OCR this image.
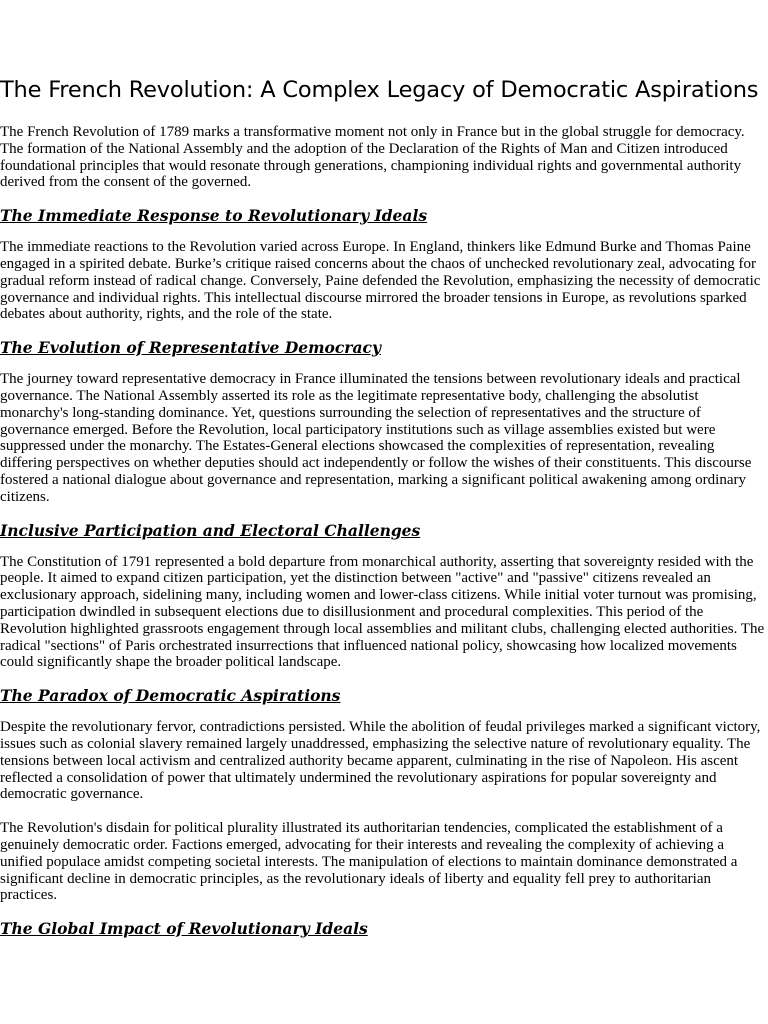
The French Revolution: A Complex Legacy of Democratic Aspirations

The French Revolution of 1789 marks a transformative moment not only in France but in the global struggle for democracy. The formation of the National Assembly and the adoption of the Declaration of the Rights of Man and Citizen introduced foundational principles that would resonate through generations, championing individual rights and governmental authority derived from the consent of the governed.

The Immediate Response to Revolutionary Ideals

The immediate reactions to the Revolution varied across Europe. In England, thinkers like Edmund Burke and Thomas Paine engaged in a spirited debate. Burke’s critique raised concerns about the chaos of unchecked revolutionary zeal, advocating for gradual reform instead of radical change. Conversely, Paine defended the Revolution, emphasizing the necessity of democratic governance and individual rights. This intellectual discourse mirrored the broader tensions in Europe, as revolutions sparked debates about authority, rights, and the role of the state.

The Evolution of Representative Democracy

The journey toward representative democracy in France illuminated the tensions between revolutionary ideals and practical governance. The National Assembly asserted its role as the legitimate representative body, challenging the absolutist monarchy's long-standing dominance. Yet, questions surrounding the selection of representatives and the structure of governance emerged. Before the Revolution, local participatory institutions such as village assemblies existed but were suppressed under the monarchy. The Estates-General elections showcased the complexities of representation, revealing differing perspectives on whether deputies should act independently or follow the wishes of their constituents. This discourse fostered a national dialogue about governance and representation, marking a significant political awakening among ordinary citizens.

Inclusive Participation and Electoral Challenges

The Constitution of 1791 represented a bold departure from monarchical authority, asserting that sovereignty resided with the people. It aimed to expand citizen participation, yet the distinction between "active" and "passive" citizens revealed an exclusionary approach, sidelining many, including women and lower-class citizens. While initial voter turnout was promising, participation dwindled in subsequent elections due to disillusionment and procedural complexities. This period of the Revolution highlighted grassroots engagement through local assemblies and militant clubs, challenging elected authorities. The radical "sections" of Paris orchestrated insurrections that influenced national policy, showcasing how localized movements could significantly shape the broader political landscape.

The Paradox of Democratic Aspirations

Despite the revolutionary fervor, contradictions persisted. While the abolition of feudal privileges marked a significant victory, issues such as colonial slavery remained largely unaddressed, emphasizing the selective nature of revolutionary equality. The tensions between local activism and centralized authority became apparent, culminating in the rise of Napoleon. His ascent reflected a consolidation of power that ultimately undermined the revolutionary aspirations for popular sovereignty and democratic governance.

The Revolution's disdain for political plurality illustrated its authoritarian tendencies, complicated the establishment of a genuinely democratic order. Factions emerged, advocating for their interests and revealing the complexity of achieving a unified populace amidst competing societal interests. The manipulation of elections to maintain dominance demonstrated a significant decline in democratic principles, as the revolutionary ideals of liberty and equality fell prey to authoritarian practices.

The Global Impact of Revolutionary Ideals
